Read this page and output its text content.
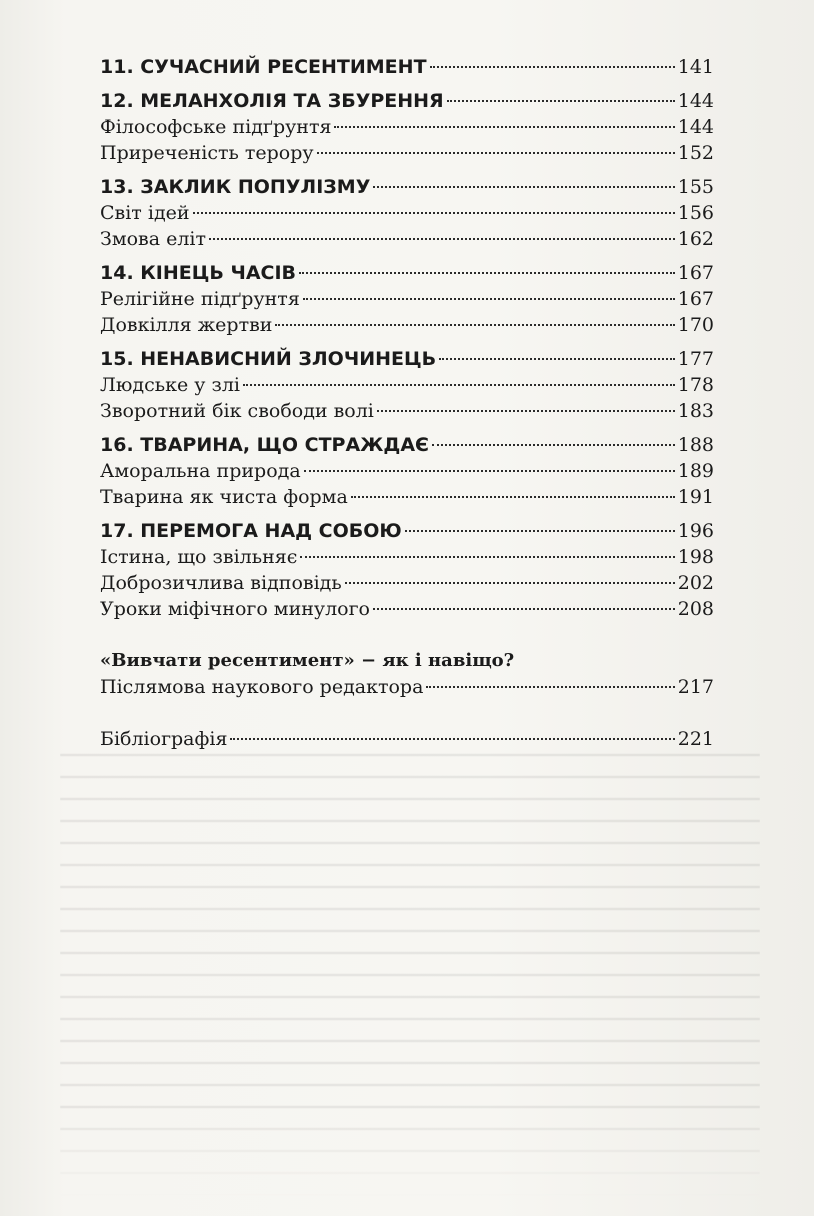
11. СУЧАСНИЙ РЕСЕНТИМЕНТ	141
12. МЕЛАНХОЛІЯ ТА ЗБУРЕННЯ	144
Філософське підґрунтя	144
Приреченість терору	152
13. ЗАКЛИК ПОПУЛІЗМУ	155
Світ ідей	156
Змова еліт	162
14. КІНЕЦЬ ЧАСІВ	167
Релігійне підґрунтя	167
Довкілля жертви	170
15. НЕНАВИСНИЙ ЗЛОЧИНЕЦЬ	177
Людське у злі	178
Зворотний бік свободи волі	183
16. ТВАРИНА, ЩО СТРАЖДАЄ	188
Аморальна природа	189
Тварина як чиста форма	191
17. ПЕРЕМОГА НАД СОБОЮ	196
Істина, що звільняє	198
Доброзичлива відповідь	202
Уроки міфічного минулого	208
«Вивчати ресентимент» − як і навіщо?
Післямова наукового редактора	217
Бібліографія	221
